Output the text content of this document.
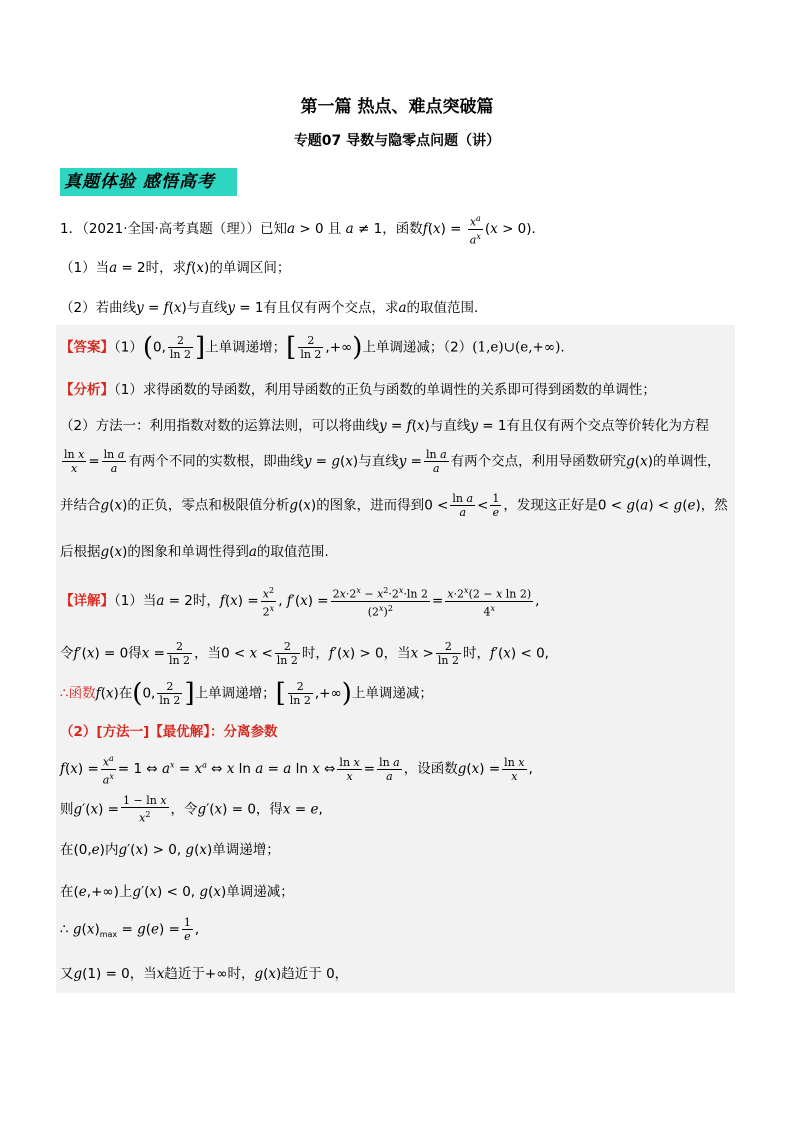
第一篇 热点、难点突破篇
专题07 导数与隐零点问题（讲）
真题体验 感悟高考
1．（2021·全国·高考真题（理））已知a > 0 且 a ≠ 1，函数$f(x) = \frac{x^a}{a^x} (x > 0)$．
（1）当a = 2时，求f(x)的单调区间；
（2）若曲线y = f(x)与直线y = 1有且仅有两个交点，求a的取值范围．
【答案】（1）(0, $\frac{2}{\ln 2}$ ]上单调递增；[ $\frac{2}{\ln 2}$ ,+∞)上单调递减；（2）(1,e)∪(e,+∞).
【分析】（1）求得函数的导函数，利用导函数的正负与函数的单调性的关系即可得到函数的单调性；
（2）方法一：利用指数对数的运算法则，可以将曲线y = f(x)与直线y = 1有且仅有两个交点等价转化为方程
$\frac{\text{ln x}}{x} = \frac{\text{ln a}}{a}$ 有两个不同的实数根，即曲线y = g(x)与直线$y = \frac{\text{ln a}}{a}$ 有两个交点，利用导函数研究g(x)的单调性，
并结合g(x)的正负，零点和极限值分析g(x)的图象，进而得到$0 < \frac{\text{ln a}}{a} < \frac{1}{e}$ ，发现这正好是0 < g(a) < g(e)，然
后根据g(x)的图象和单调性得到a的取值范围.
【详解】（1）当a = 2时，$f(x) = \frac{x^2}{2^x}$ , $f'(x) = \frac{2x\cdot 2^x - x^2\cdot 2^x\cdot\ln 2}{(2^x)^2} = \frac{x\cdot 2^x(2 - x \ln 2)}{4^x}$ ,
令f′(x) = 0得$x = \frac{2}{\ln 2}$ ，当$0 < x < \frac{2}{\ln 2}$ 时，f′(x) > 0，当$x > \frac{2}{\ln 2}$ 时，f′(x) < 0,
∴函数f(x)在(0, $\frac{2}{\ln 2}$ ]上单调递增；[ $\frac{2}{\ln 2}$ ,+∞)上单调递减；
（2）[方法一]【最优解】：分离参数
$f(x) = \frac{x^a}{a^x} = 1$ ⇔ $a^x = x^a$ ⇔ x ln a = a ln x ⇔ $\frac{\text{ln x}}{x} = \frac{\text{ln a}}{a}$ ，设函数$g(x) = \frac{\text{ln x}}{x}$ ,
则$g'(x) = \frac{\text{1 − ln x}}{x^2}$ ，令g′(x) = 0，得x = e,
在(0,e)内g′(x) > 0, g(x)单调递增；
在(e,+∞)上g′(x) < 0, g(x)单调递减；
∴ $g(x)_{max} = g(e) = \frac{1}{e}$ ,
又g(1) = 0，当x趋近于+∞时，g(x)趋近于 0，
